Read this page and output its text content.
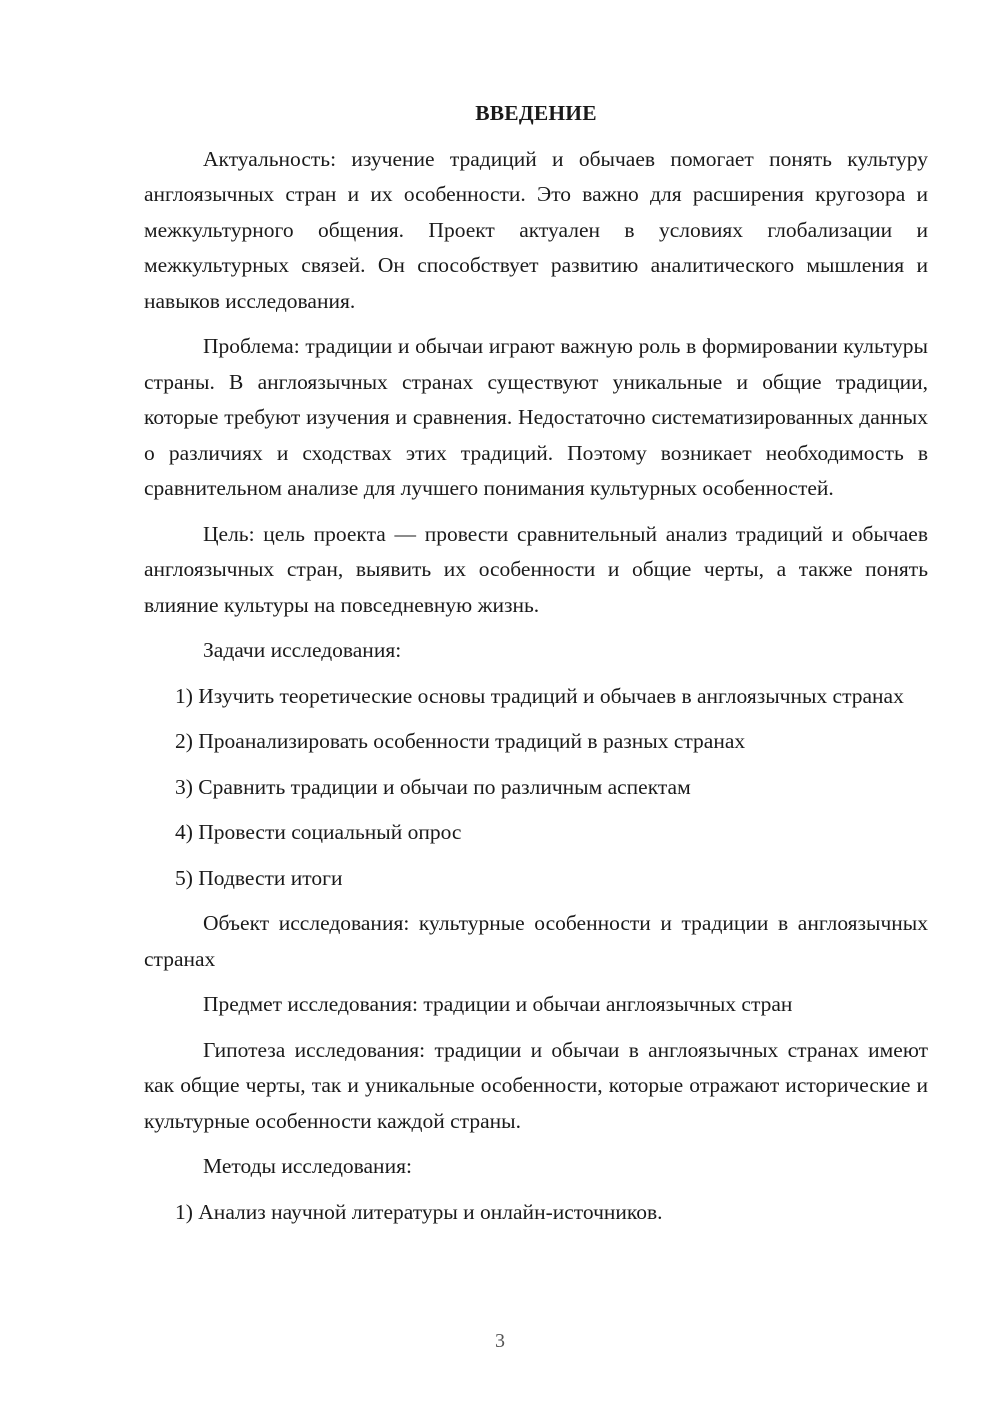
ВВЕДЕНИЕ

Актуальность: изучение традиций и обычаев помогает понять культуру англоязычных стран и их особенности. Это важно для расширения кругозора и межкультурного общения. Проект актуален в условиях глобализации и межкультурных связей. Он способствует развитию аналитического мышления и навыков исследования.

Проблема: традиции и обычаи играют важную роль в формировании культуры страны. В англоязычных странах существуют уникальные и общие традиции, которые требуют изучения и сравнения. Недостаточно систематизированных данных о различиях и сходствах этих традиций. Поэтому возникает необходимость в сравнительном анализе для лучшего понимания культурных особенностей.

Цель: цель проекта — провести сравнительный анализ традиций и обычаев англоязычных стран, выявить их особенности и общие черты, а также понять влияние культуры на повседневную жизнь.

Задачи исследования:

1) Изучить теоретические основы традиций и обычаев в англоязычных странах

2) Проанализировать особенности традиций в разных странах

3) Сравнить традиции и обычаи по различным аспектам

4) Провести социальный опрос

5) Подвести итоги

Объект исследования: культурные особенности и традиции в англоязычных странах

Предмет исследования: традиции и обычаи англоязычных стран

Гипотеза исследования: традиции и обычаи в англоязычных странах имеют как общие черты, так и уникальные особенности, которые отражают исторические и культурные особенности каждой страны.

Методы исследования:

1) Анализ научной литературы и онлайн-источников.

3
